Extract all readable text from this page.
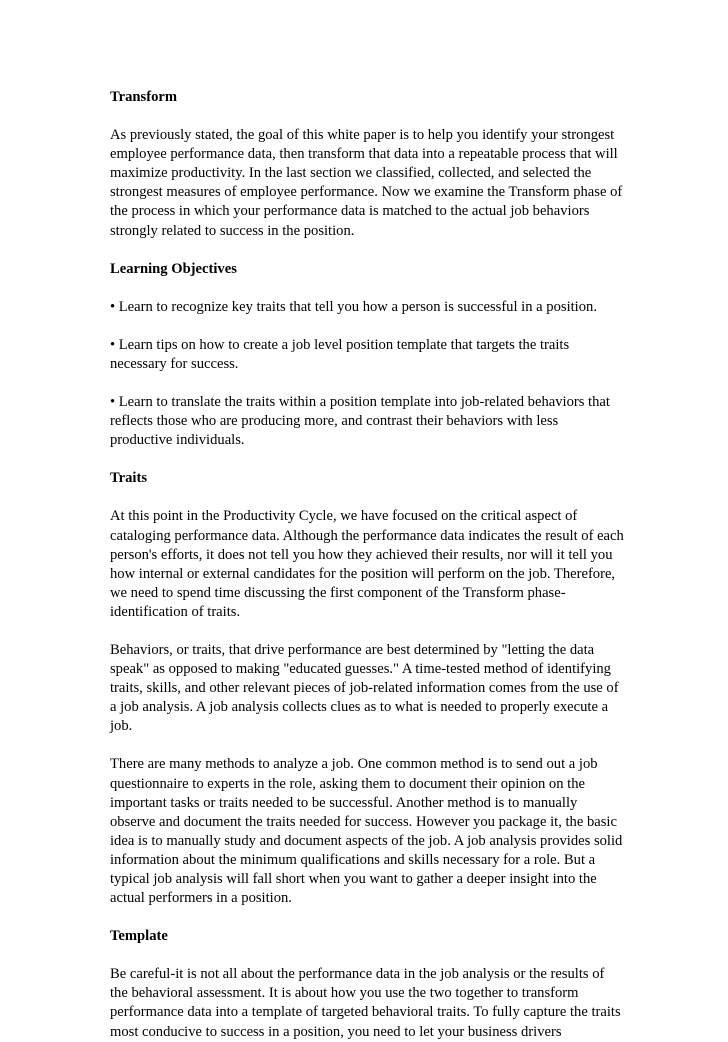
Transform
As previously stated, the goal of this white paper is to help you identify your strongest employee performance data, then transform that data into a repeatable process that will maximize productivity. In the last section we classified, collected, and selected the strongest measures of employee performance. Now we examine the Transform phase of the process in which your performance data is matched to the actual job behaviors strongly related to success in the position.
Learning Objectives
• Learn to recognize key traits that tell you how a person is successful in a position.
• Learn tips on how to create a job level position template that targets the traits necessary for success.
• Learn to translate the traits within a position template into job-related behaviors that reflects those who are producing more, and contrast their behaviors with less productive individuals.
Traits
At this point in the Productivity Cycle, we have focused on the critical aspect of cataloging performance data. Although the performance data indicates the result of each person's efforts, it does not tell you how they achieved their results, nor will it tell you how internal or external candidates for the position will perform on the job. Therefore, we need to spend time discussing the first component of the Transform phase-identification of traits.
Behaviors, or traits, that drive performance are best determined by "letting the data speak" as opposed to making "educated guesses." A time-tested method of identifying traits, skills, and other relevant pieces of job-related information comes from the use of a job analysis. A job analysis collects clues as to what is needed to properly execute a job.
There are many methods to analyze a job. One common method is to send out a job questionnaire to experts in the role, asking them to document their opinion on the important tasks or traits needed to be successful. Another method is to manually observe and document the traits needed for success. However you package it, the basic idea is to manually study and document aspects of the job. A job analysis provides solid information about the minimum qualifications and skills necessary for a role. But a typical job analysis will fall short when you want to gather a deeper insight into the actual performers in a position.
Template
Be careful-it is not all about the performance data in the job analysis or the results of the behavioral assessment. It is about how you use the two together to transform performance data into a template of targeted behavioral traits. To fully capture the traits most conducive to success in a position, you need to let your business drivers
